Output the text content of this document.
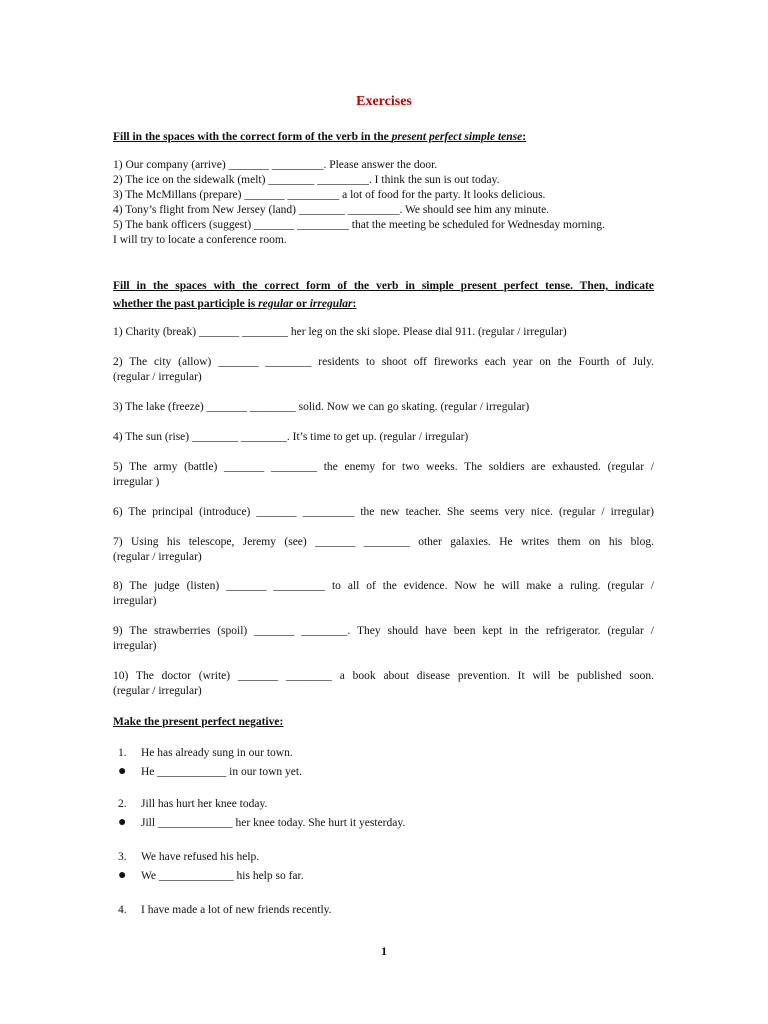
Exercises
Fill in the spaces with the correct form of the verb in the present perfect simple tense:
1) Our company (arrive) _______ _________. Please answer the door.
2) The ice on the sidewalk (melt) ________ _________. I think the sun is out today.
3) The McMillans (prepare) _______ _________ a lot of food for the party. It looks delicious.
4) Tony’s flight from New Jersey (land) ________ _________. We should see him any minute.
5) The bank officers (suggest) _______ _________ that the meeting be scheduled for Wednesday morning.
I will try to locate a conference room.
Fill in the spaces with the correct form of the verb in simple present perfect tense. Then, indicate
whether the past participle is regular or irregular:
1) Charity (break) _______ ________ her leg on the ski slope. Please dial 911. (regular / irregular)
2) The city (allow) _______ ________ residents to shoot off fireworks each year on the Fourth of July.
(regular / irregular)
3) The lake (freeze) _______ ________ solid. Now we can go skating. (regular / irregular)
4) The sun (rise) ________ ________. It’s time to get up. (regular / irregular)
5) The army (battle) _______ ________ the enemy for two weeks. The soldiers are exhausted. (regular /
irregular )
6) The principal (introduce) _______ _________ the new teacher. She seems very nice. (regular / irregular)
7) Using his telescope, Jeremy (see) _______ ________ other galaxies. He writes them on his blog.
(regular / irregular)
8) The judge (listen) _______ _________ to all of the evidence. Now he will make a ruling. (regular /
irregular)
9) The strawberries (spoil) _______ ________. They should have been kept in the refrigerator. (regular /
irregular)
10) The doctor (write) _______ ________ a book about disease prevention. It will be published soon.
(regular / irregular)
Make the present perfect negative:
1. He has already sung in our town.
● He ____________ in our town yet.
2. Jill has hurt her knee today.
● Jill _____________ her knee today. She hurt it yesterday.
3. We have refused his help.
● We _____________ his help so far.
4. I have made a lot of new friends recently.
1
